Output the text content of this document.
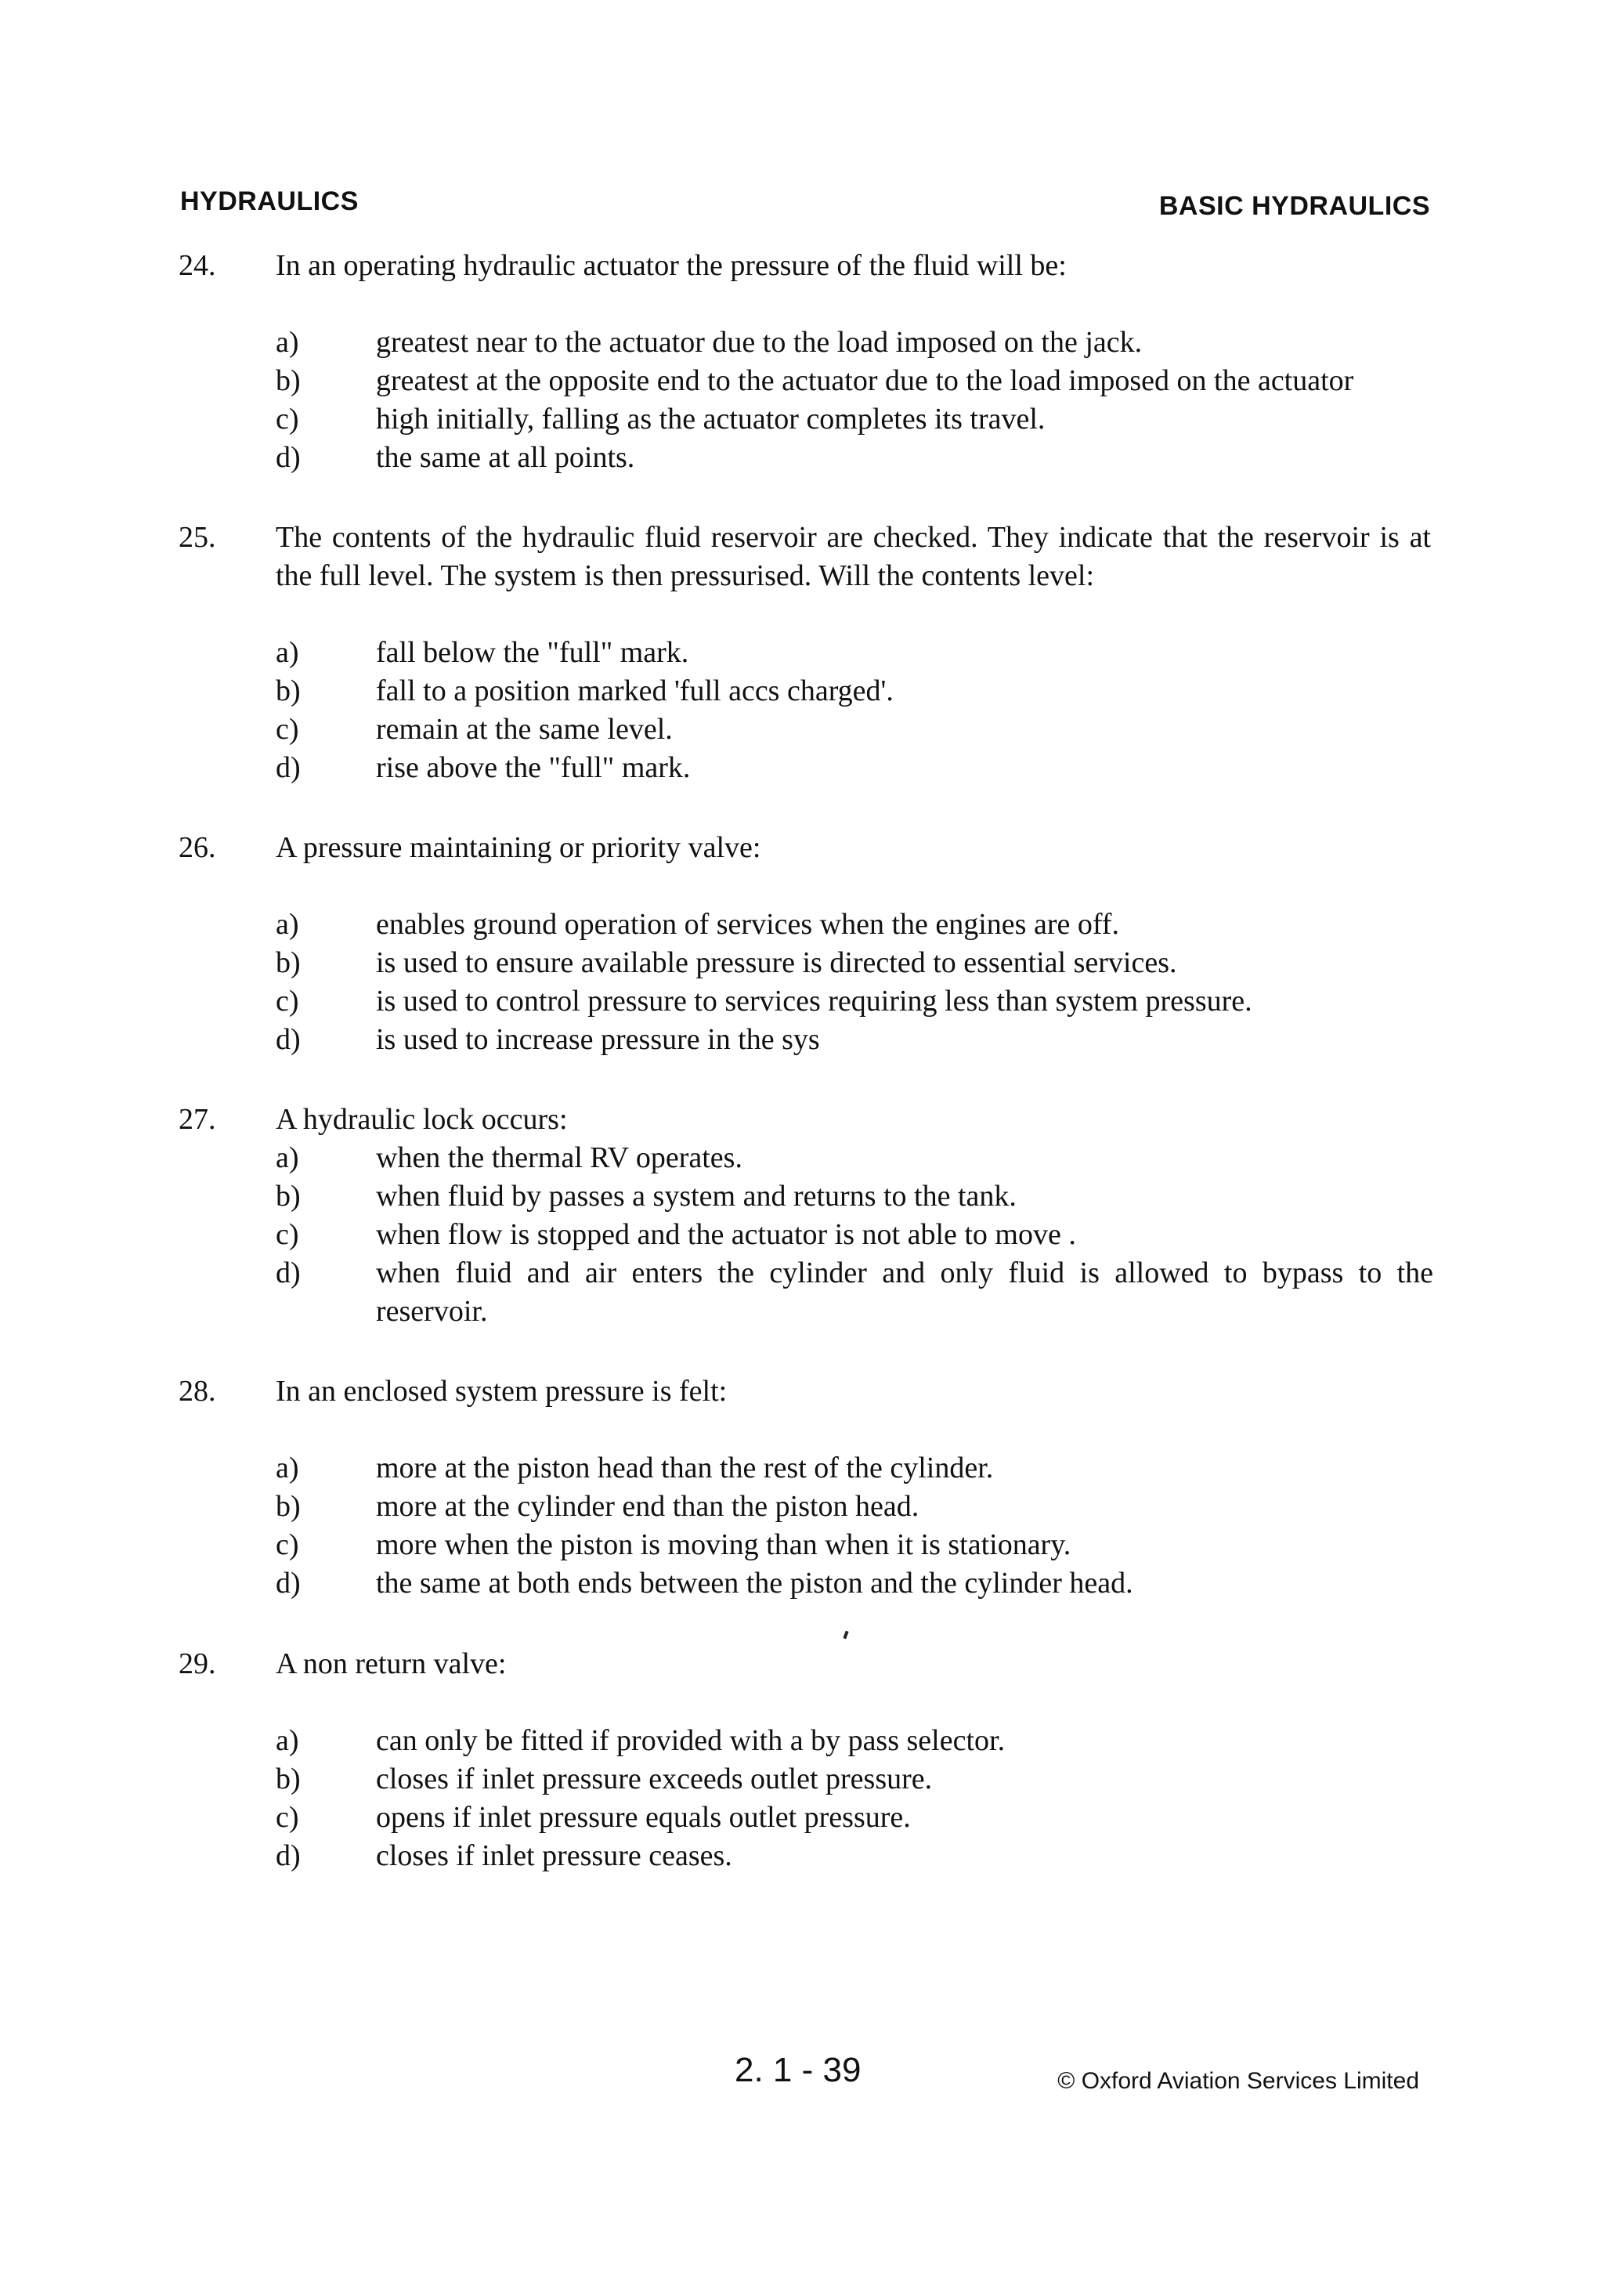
HYDRAULICS	BASIC HYDRAULICS
24. In an operating hydraulic actuator the pressure of the fluid will be:
a)	greatest near to the actuator due to the load imposed on the jack.
b)	greatest at the opposite end to the actuator due to the load imposed on the actuator
c)	high initially, falling as the actuator completes its travel.
d)	the same at all points.
25. The contents of the hydraulic fluid reservoir are checked. They indicate that the reservoir is at the full level. The system is then pressurised. Will the contents level:
a)	fall below the "full" mark.
b)	fall to a position marked 'full accs charged'.
c)	remain at the same level.
d)	rise above the "full" mark.
26. A pressure maintaining or priority valve:
a)	enables ground operation of services when the engines are off.
b)	is used to ensure available pressure is directed to essential services.
c)	is used to control pressure to services requiring less than system pressure.
d)	is used to increase pressure in the sys
27. A hydraulic lock occurs:
a)	when the thermal RV operates.
b)	when fluid by passes a system and returns to the tank.
c)	when flow is stopped and the actuator is not able to move .
d)	when fluid and air enters the cylinder and only fluid is allowed to bypass to the reservoir.
28. In an enclosed system pressure is felt:
a)	more at the piston head than the rest of the cylinder.
b)	more at the cylinder end than the piston head.
c)	more when the piston is moving than when it is stationary.
d)	the same at both ends between the piston and the cylinder head.
29. A non return valve:
a)	can only be fitted if provided with a by pass selector.
b)	closes if inlet pressure exceeds outlet pressure.
c)	opens if inlet pressure equals outlet pressure.
d)	closes if inlet pressure ceases.
2. 1 - 39	© Oxford Aviation Services Limited
